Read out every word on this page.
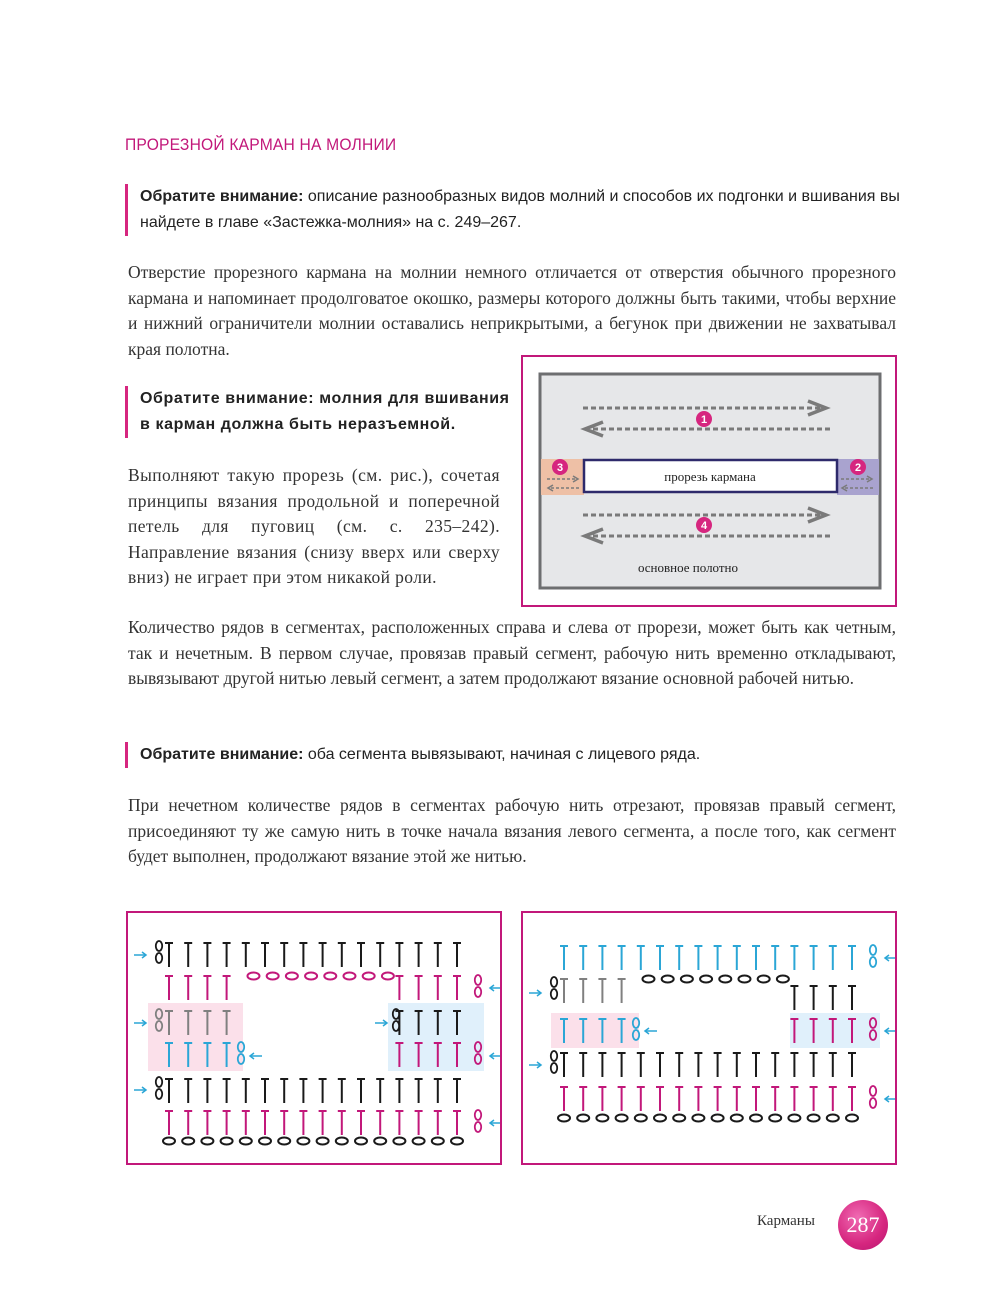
ПРОРЕЗНОЙ КАРМАН НА МОЛНИИ
Обратите внимание: описание разнообразных видов молний и способов их подгонки и вшивания вы найдете в главе «Застежка-молния» на с. 249–267.
Отверстие прорезного кармана на молнии немного отличается от отверстия обычного прорезного кармана и напоминает продолговатое окошко, размеры которого должны быть такими, чтобы верхние и нижний ограничители молнии оставались неприкрытыми, а бегунок при движении не захватывал края полотна.
Обратите внимание: молния для вшивания в карман должна быть неразъемной.
Выполняют такую прорезь (см. рис.), сочетая принципы вязания продольной и поперечной петель для пуговиц (см. с. 235–242). Направление вязания (снизу вверх или сверху вниз) не играет при этом никакой роли.
1
2
3
4
прорезь кармана
основное полотно
Количество рядов в сегментах, расположенных справа и слева от прорези, может быть как четным, так и нечетным. В первом случае, провязав правый сегмент, рабочую нить временно откладывают, вывязывают другой нитью левый сегмент, а затем продолжают вязание основной рабочей нитью.
Обратите внимание: оба сегмента вывязывают, начиная с лицевого ряда.
При нечетном количестве рядов в сегментах рабочую нить отрезают, провязав правый сегмент, присоединяют ту же самую нить в точке начала вязания левого сегмента, а после того, как сегмент будет выполнен, продолжают вязание этой же нитью.
Карманы	287
